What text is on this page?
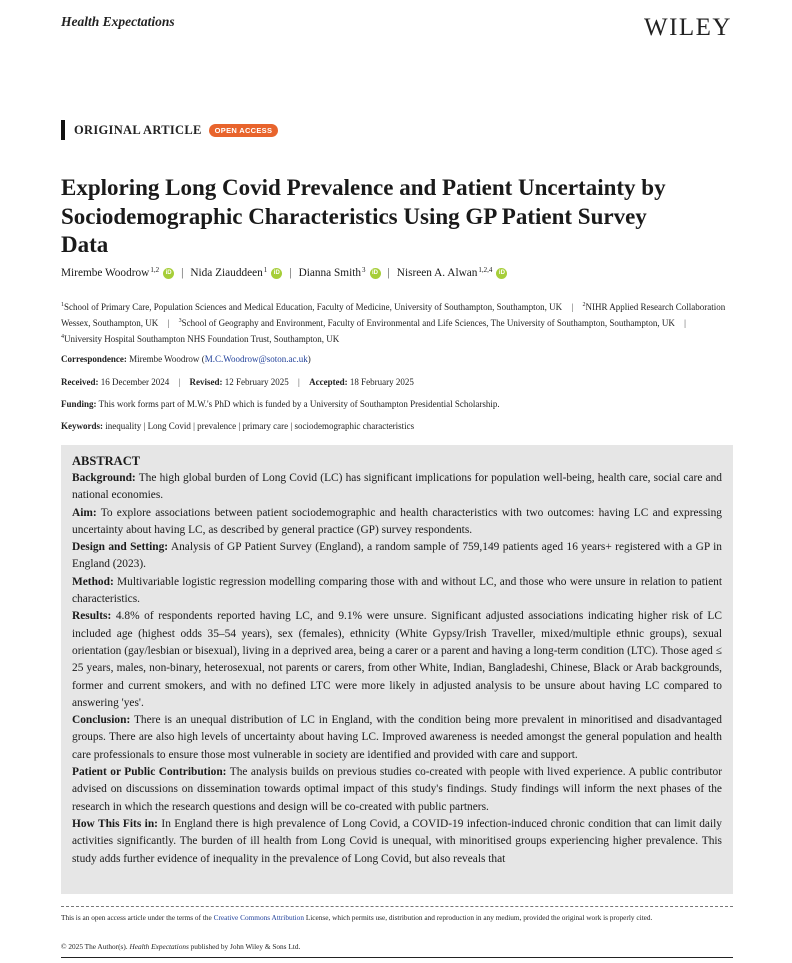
Health Expectations	WILEY
ORIGINAL ARTICLE	OPEN ACCESS
Exploring Long Covid Prevalence and Patient Uncertainty by Sociodemographic Characteristics Using GP Patient Survey Data
Mirembe Woodrow$^{1,2}$	iD | Nida Ziauddeen$^1$	iD | Dianna Smith$^3$	iD | Nisreen A. Alwan$^{1,2,4}$	iD
$^1$School of Primary Care, Population Sciences and Medical Education, Faculty of Medicine, University of Southampton, Southampton, UK | $^2$NIHR Applied Research Collaboration Wessex, Southampton, UK | $^3$School of Geography and Environment, Faculty of Environmental and Life Sciences, The University of Southampton, Southampton, UK | $^4$University Hospital Southampton NHS Foundation Trust, Southampton, UK
Correspondence: Mirembe Woodrow (M.C.Woodrow@soton.ac.uk)
Received: 16 December 2024 | Revised: 12 February 2025 | Accepted: 18 February 2025
Funding: This work forms part of M.W.'s PhD which is funded by a University of Southampton Presidential Scholarship.
Keywords: inequality | Long Covid | prevalence | primary care | sociodemographic characteristics
ABSTRACT

Background: The high global burden of Long Covid (LC) has significant implications for population well-being, health care, social care and national economies.

Aim: To explore associations between patient sociodemographic and health characteristics with two outcomes: having LC and expressing uncertainty about having LC, as described by general practice (GP) survey respondents.

Design and Setting: Analysis of GP Patient Survey (England), a random sample of 759,149 patients aged 16 years+ registered with a GP in England (2023).

Method: Multivariable logistic regression modelling comparing those with and without LC, and those who were unsure in relation to patient characteristics.

Results: 4.8% of respondents reported having LC, and 9.1% were unsure. Significant adjusted associations indicating higher risk of LC included age (highest odds 35–54 years), sex (females), ethnicity (White Gypsy/Irish Traveller, mixed/multiple ethnic groups), sexual orientation (gay/lesbian or bisexual), living in a deprived area, being a carer or a parent and having a long-term condition (LTC). Those aged ≤ 25 years, males, non-binary, heterosexual, not parents or carers, from other White, Indian, Bangladeshi, Chinese, Black or Arab backgrounds, former and current smokers, and with no defined LTC were more likely in adjusted analysis to be unsure about having LC compared to answering 'yes'.

Conclusion: There is an unequal distribution of LC in England, with the condition being more prevalent in minoritised and disadvantaged groups. There are also high levels of uncertainty about having LC. Improved awareness is needed amongst the general population and health care professionals to ensure those most vulnerable in society are identified and provided with care and support.

Patient or Public Contribution: The analysis builds on previous studies co-created with people with lived experience. A public contributor advised on discussions on dissemination towards optimal impact of this study's findings. Study findings will inform the next phases of the research in which the research questions and design will be co-created with public partners.

How This Fits in: In England there is high prevalence of Long Covid, a COVID-19 infection-induced chronic condition that can limit daily activities significantly. The burden of ill health from Long Covid is unequal, with minoritised groups experiencing higher prevalence. This study adds further evidence of inequality in the prevalence of Long Covid, but also reveals that

This is an open access article under the terms of the Creative Commons Attribution License, which permits use, distribution and reproduction in any medium, provided the original work is properly cited.
© 2025 The Author(s). Health Expectations published by John Wiley & Sons Ltd.
